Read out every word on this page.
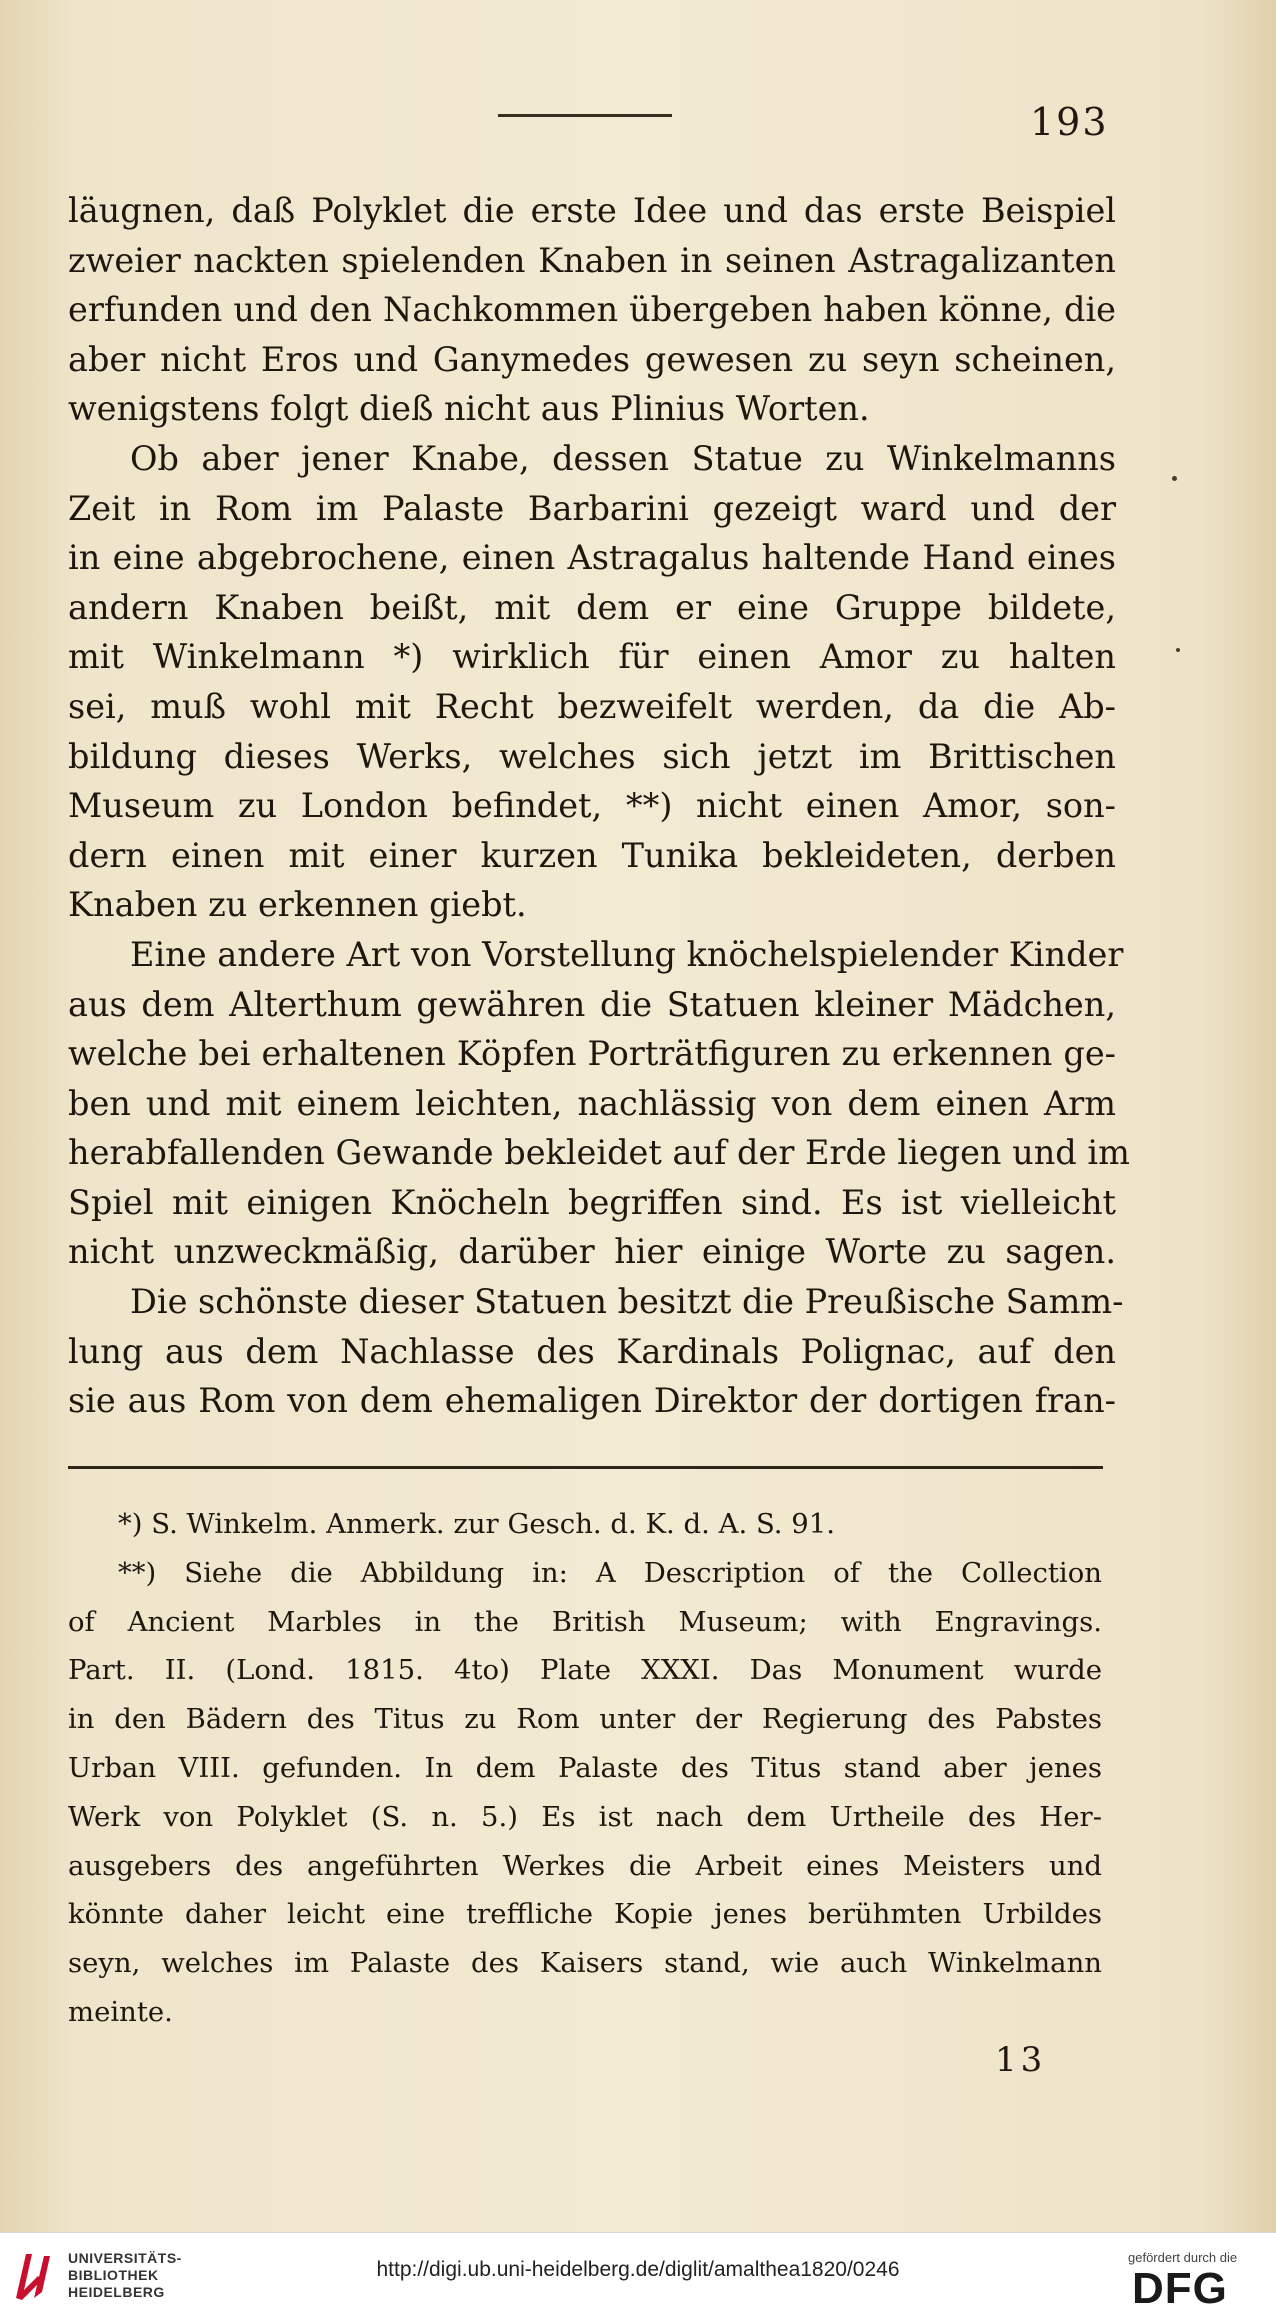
193
läugnen, daß Polyklet die erste Idee und das erste Beispiel
zweier nackten spielenden Knaben in seinen Astragalizanten
erfunden und den Nachkommen übergeben haben könne, die
aber nicht Eros und Ganymedes gewesen zu seyn scheinen,
wenigstens folgt dieß nicht aus Plinius Worten.
Ob aber jener Knabe, dessen Statue zu Winkelmanns
Zeit in Rom im Palaste Barbarini gezeigt ward und der
in eine abgebrochene, einen Astragalus haltende Hand eines
andern Knaben beißt, mit dem er eine Gruppe bildete,
mit Winkelmann *) wirklich für einen Amor zu halten
sei, muß wohl mit Recht bezweifelt werden, da die Ab-
bildung dieses Werks, welches sich jetzt im Brittischen
Museum zu London befindet, **) nicht einen Amor, son-
dern einen mit einer kurzen Tunika bekleideten, derben
Knaben zu erkennen giebt.
Eine andere Art von Vorstellung knöchelspielender Kinder
aus dem Alterthum gewähren die Statuen kleiner Mädchen,
welche bei erhaltenen Köpfen Porträtfiguren zu erkennen ge-
ben und mit einem leichten, nachlässig von dem einen Arm
herabfallenden Gewande bekleidet auf der Erde liegen und im
Spiel mit einigen Knöcheln begriffen sind. Es ist vielleicht
nicht unzweckmäßig, darüber hier einige Worte zu sagen.
Die schönste dieser Statuen besitzt die Preußische Samm-
lung aus dem Nachlasse des Kardinals Polignac, auf den
sie aus Rom von dem ehemaligen Direktor der dortigen fran-
*) S. Winkelm. Anmerk. zur Gesch. d. K. d. A. S. 91.
**) Siehe die Abbildung in: A Description of the Collection
of Ancient Marbles in the British Museum; with Engravings.
Part. II. (Lond. 1815. 4to) Plate XXXI. Das Monument wurde
in den Bädern des Titus zu Rom unter der Regierung des Pabstes
Urban VIII. gefunden. In dem Palaste des Titus stand aber jenes
Werk von Polyklet (S. n. 5.) Es ist nach dem Urtheile des Her-
ausgebers des angeführten Werkes die Arbeit eines Meisters und
könnte daher leicht eine treffliche Kopie jenes berühmten Urbildes
seyn, welches im Palaste des Kaisers stand, wie auch Winkelmann
meinte.
13
UNIVERSITÄTS-
BIBLIOTHEK
HEIDELBERG
http://digi.ub.uni-heidelberg.de/diglit/amalthea1820/0246
gefördert durch die
DFG
